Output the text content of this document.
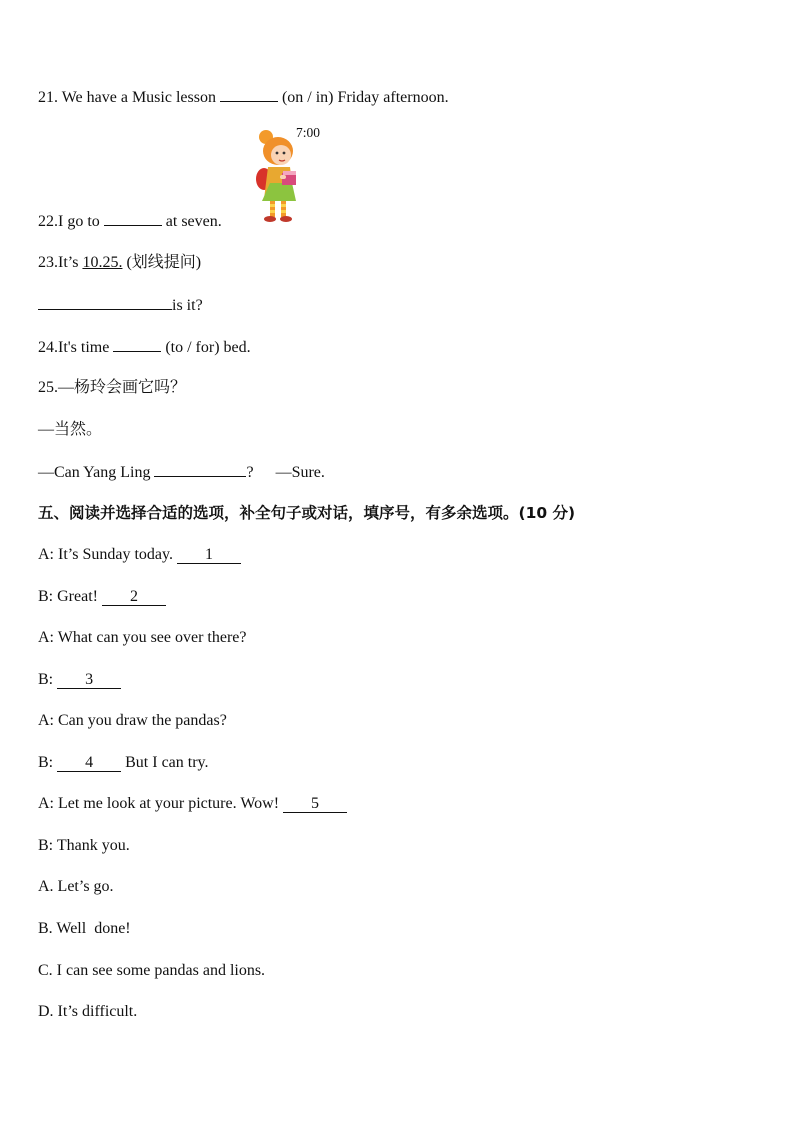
21. We have a Music lesson	(on / in) Friday afternoon.
7:00
22.I go to	at seven.
23.It’s 10.25. (划线提问)
is it?
24.It's time	(to / for) bed.
25.—杨玲会画它吗？
—当然。
—Can Yang Ling	? —Sure.
五、阅读并选择合适的选项，补全句子或对话，填序号，有多余选项。(10 分)
A: It’s Sunday today. 1
B: Great! 2
A: What can you see over there?
B: 3
A: Can you draw the pandas?
B: 4 But I can try.
A: Let me look at your picture. Wow! 5
B: Thank you.
A. Let’s go.
B. Well  done!
C. I can see some pandas and lions.
D. It’s difficult.
